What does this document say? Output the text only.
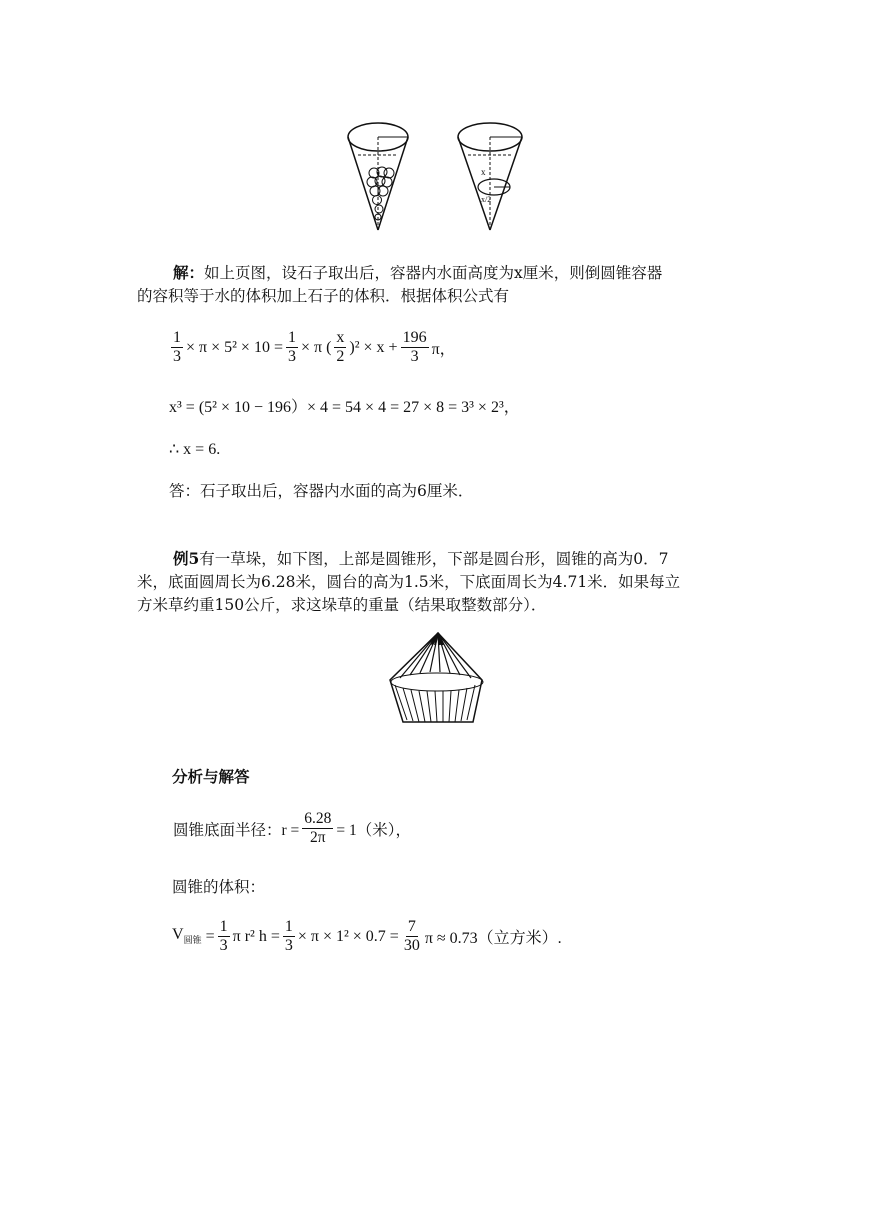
x
x/2
解：如上页图，设石子取出后，容器内水面高度为x厘米，则倒圆锥容器
的容积等于水的体积加上石子的体积．根据体积公式有
$\frac{1}{3} \times \pi \times 5^2 \times 10 = \frac{1}{3} \times \pi$ ( $\frac{x}{2} )^2 \times x + \frac{196}{3}$ π，
x³ = (5² × 10 − 196）× 4 = 54 × 4 = 27 × 8 = 3³ × 2³，
∴ x = 6.
答：石子取出后，容器内水面的高为6厘米．
例5有一草垛，如下图，上部是圆锥形，下部是圆台形，圆锥的高为0．7
米，底面圆周长为6.28米，圆台的高为1.5米，下底面周长为4.71米．如果每立
方米草约重150公斤，求这垛草的重量（结果取整数部分）．
分析与解答
圆锥底面半径：$r = \frac{6.28}{2\pi} = 1$（米），
圆锥的体积：
$V_{圆锥} = \frac{1}{3}$ π r² $h = \frac{1}{3} \times \pi \times 1^2 \times 0.7 = \frac{7}{30}$ π ≈ 0.73（立方米）.
